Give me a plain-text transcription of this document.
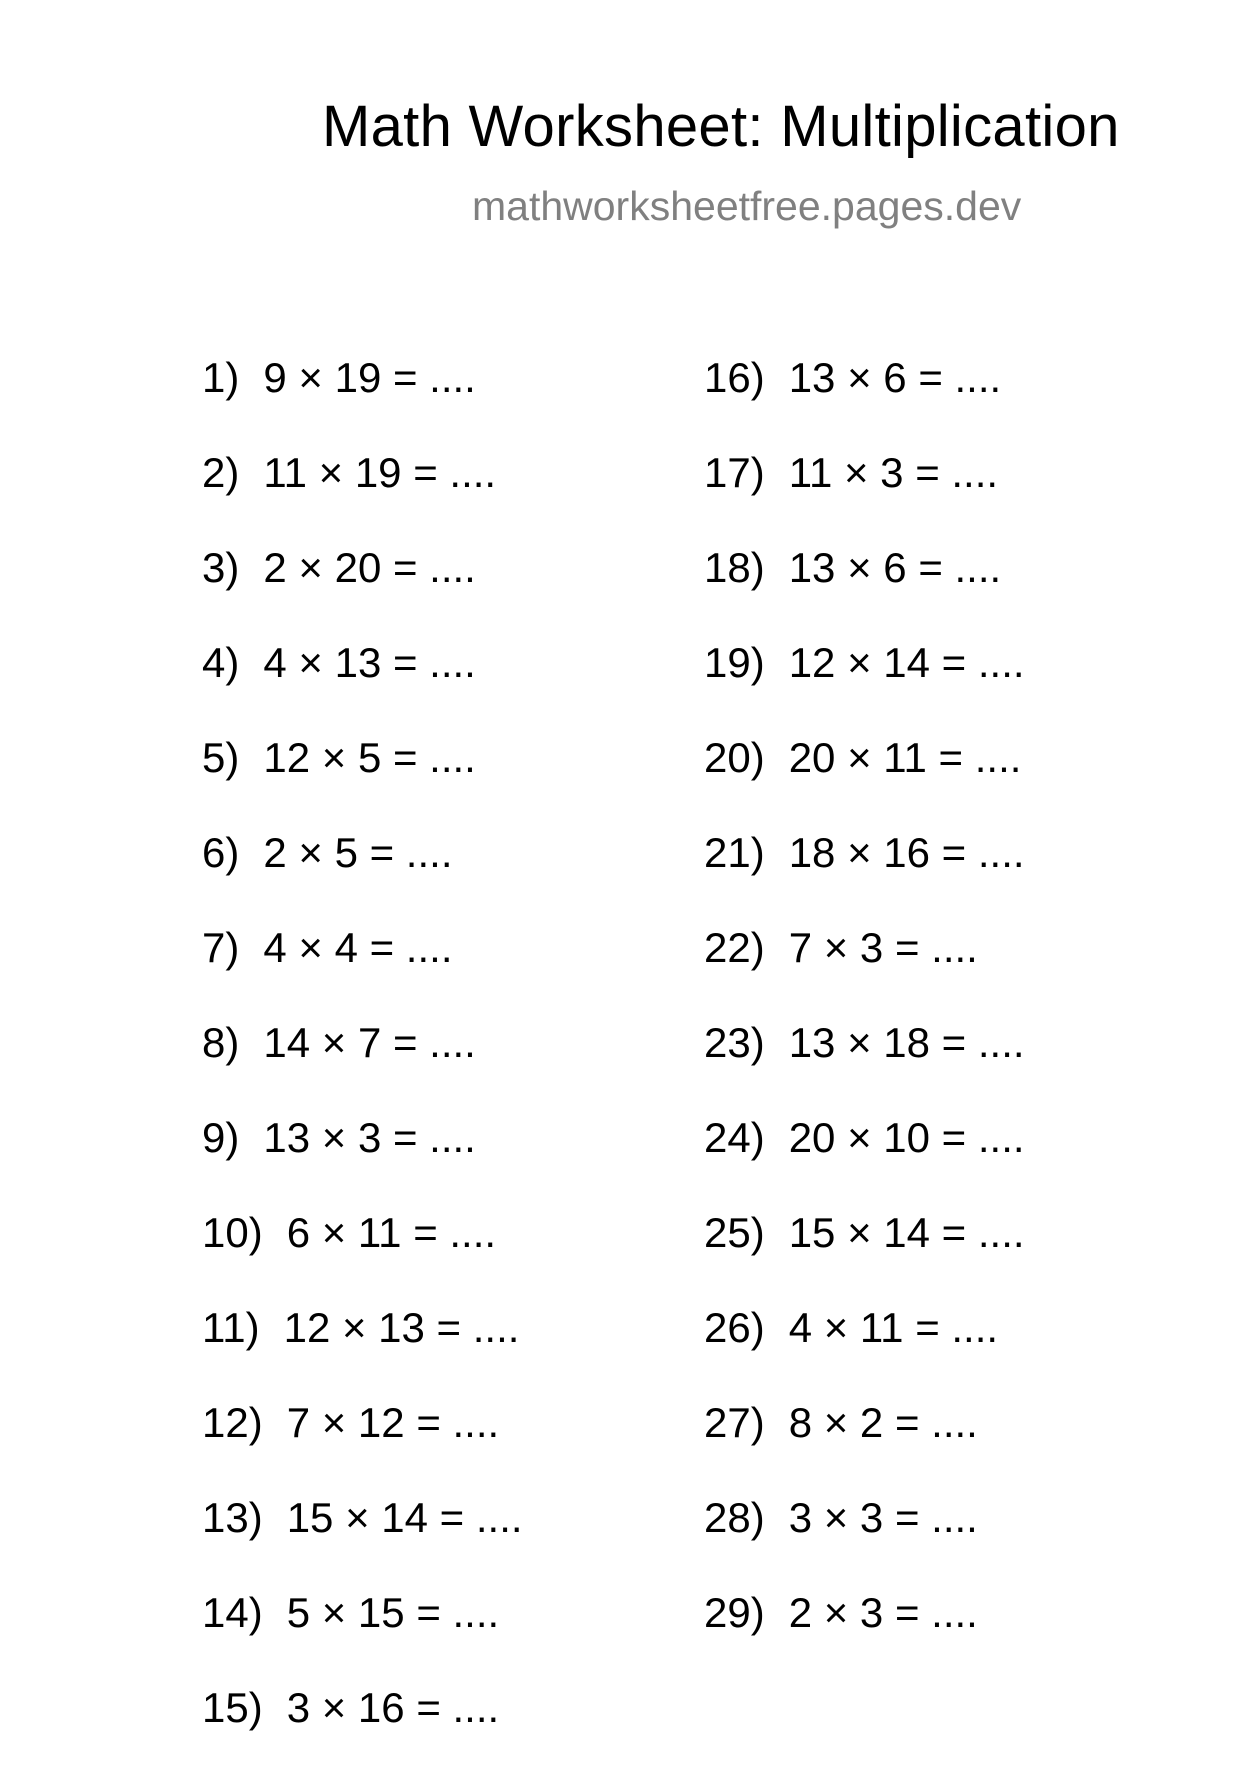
Math Worksheet: Multiplication
mathworksheetfree.pages.dev
1) 9 × 19 = ....
2) 11 × 19 = ....
3) 2 × 20 = ....
4) 4 × 13 = ....
5) 12 × 5 = ....
6) 2 × 5 = ....
7) 4 × 4 = ....
8) 14 × 7 = ....
9) 13 × 3 = ....
10) 6 × 11 = ....
11) 12 × 13 = ....
12) 7 × 12 = ....
13) 15 × 14 = ....
14) 5 × 15 = ....
15) 3 × 16 = ....
16) 13 × 6 = ....
17) 11 × 3 = ....
18) 13 × 6 = ....
19) 12 × 14 = ....
20) 20 × 11 = ....
21) 18 × 16 = ....
22) 7 × 3 = ....
23) 13 × 18 = ....
24) 20 × 10 = ....
25) 15 × 14 = ....
26) 4 × 11 = ....
27) 8 × 2 = ....
28) 3 × 3 = ....
29) 2 × 3 = ....
